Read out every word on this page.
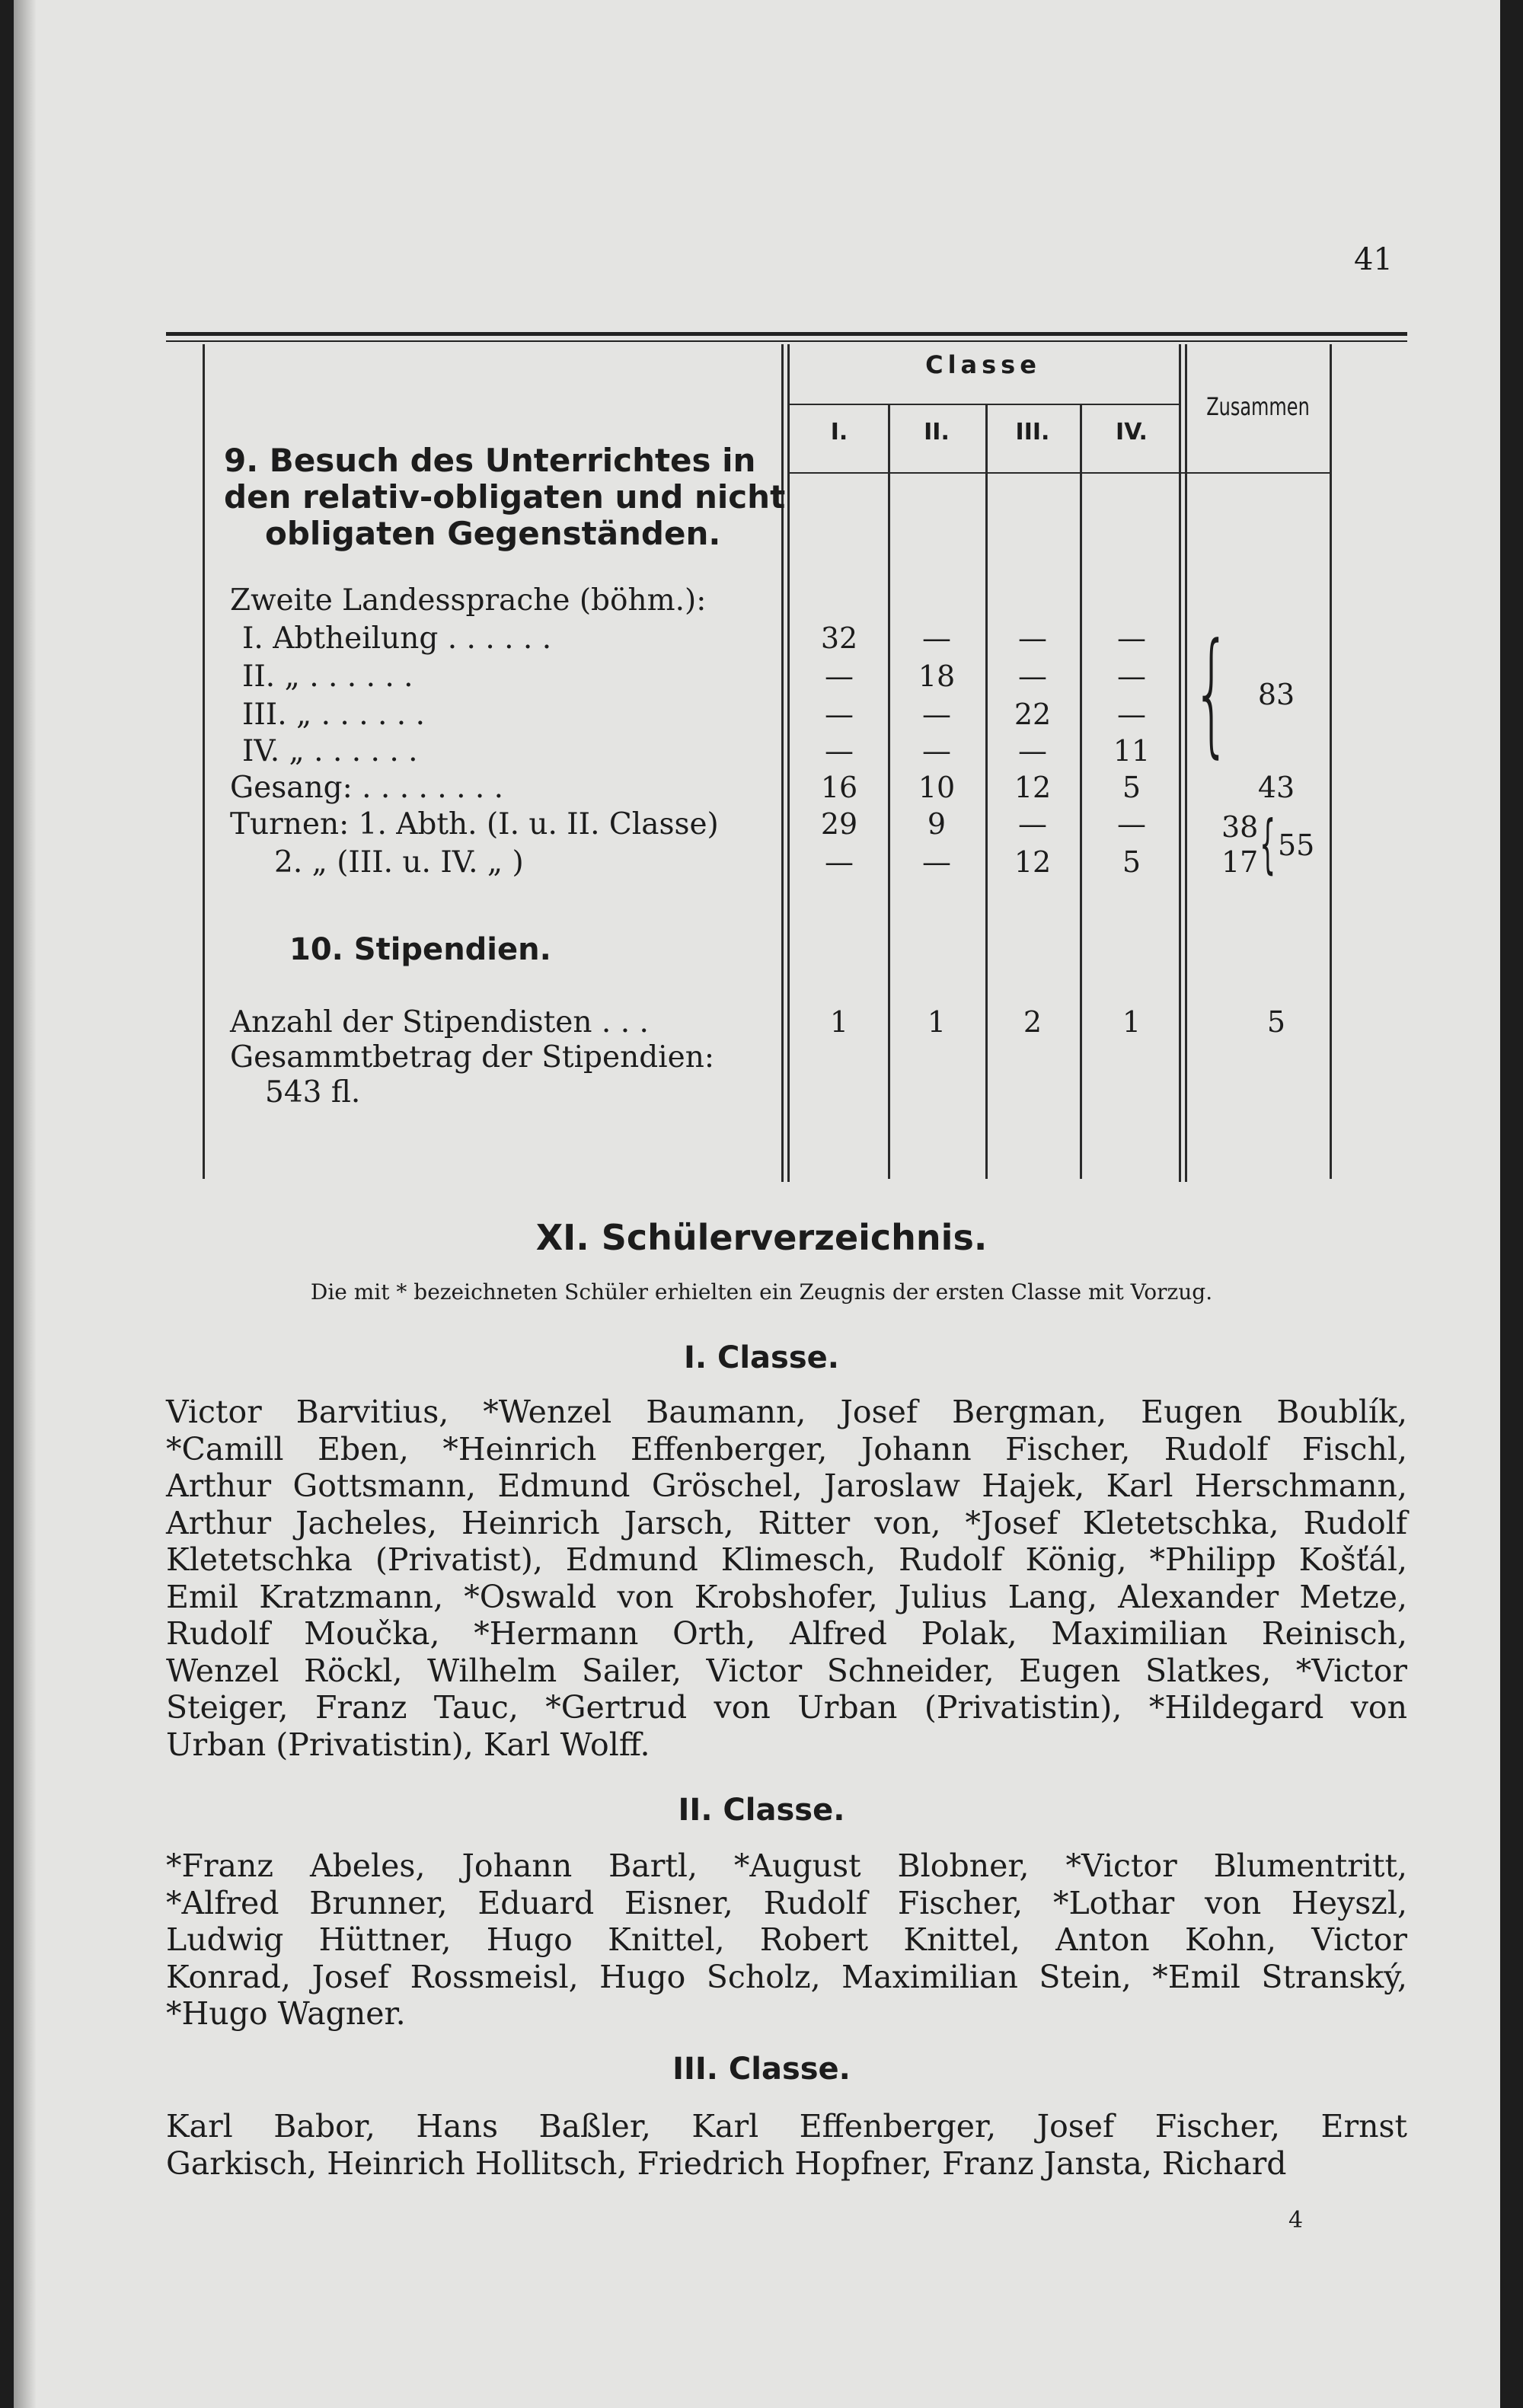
41
Classe
I.	II.	III.	IV.
Zusammen
9. Besuch des Unterrichtes in
den relativ-obligaten und nicht
obligaten Gegenständen.
Zweite Landessprache (böhm.):
I. Abtheilung . . . . . .	32	—	—	—
II. „ . . . . . .	—	18	—	—
III. „ . . . . . .	—	—	22	—
IV. „ . . . . . .	—	—	—	11 { 83
Gesang: . . . . . . . .	16	10	12	5	43
Turnen: 1. Abth. (I. u. II. Classe)	29	9	—	—	38
2. „ (III. u. IV. „ )	—	—	12	5	17 { 55
10. Stipendien.
Anzahl der Stipendisten . . .	1	1	2	1	5
Gesammtbetrag der Stipendien:
543 fl.
XI. Schülerverzeichnis.
Die mit * bezeichneten Schüler erhielten ein Zeugnis der ersten Classe mit Vorzug.
I. Classe.
Victor Barvitius, *Wenzel Baumann, Josef Bergman, Eugen Boublík,
*Camill Eben, *Heinrich Effenberger, Johann Fischer, Rudolf Fischl,
Arthur Gottsmann, Edmund Gröschel, Jaroslaw Hajek, Karl Herschmann,
Arthur Jacheles, Heinrich Jarsch, Ritter von, *Josef Kletetschka, Rudolf
Kletetschka (Privatist), Edmund Klimesch, Rudolf König, *Philipp Košťál,
Emil Kratzmann, *Oswald von Krobshofer, Julius Lang, Alexander Metze,
Rudolf Moučka, *Hermann Orth, Alfred Polak, Maximilian Reinisch,
Wenzel Röckl, Wilhelm Sailer, Victor Schneider, Eugen Slatkes, *Victor
Steiger, Franz Tauc, *Gertrud von Urban (Privatistin), *Hildegard von
Urban (Privatistin), Karl Wolff.
II. Classe.
*Franz Abeles, Johann Bartl, *August Blobner, *Victor Blumentritt,
*Alfred Brunner, Eduard Eisner, Rudolf Fischer, *Lothar von Heyszl,
Ludwig Hüttner, Hugo Knittel, Robert Knittel, Anton Kohn, Victor
Konrad, Josef Rossmeisl, Hugo Scholz, Maximilian Stein, *Emil Stranský,
*Hugo Wagner.
III. Classe.
Karl Babor, Hans Baßler, Karl Effenberger, Josef Fischer, Ernst
Garkisch, Heinrich Hollitsch, Friedrich Hopfner, Franz Jansta, Richard
4
